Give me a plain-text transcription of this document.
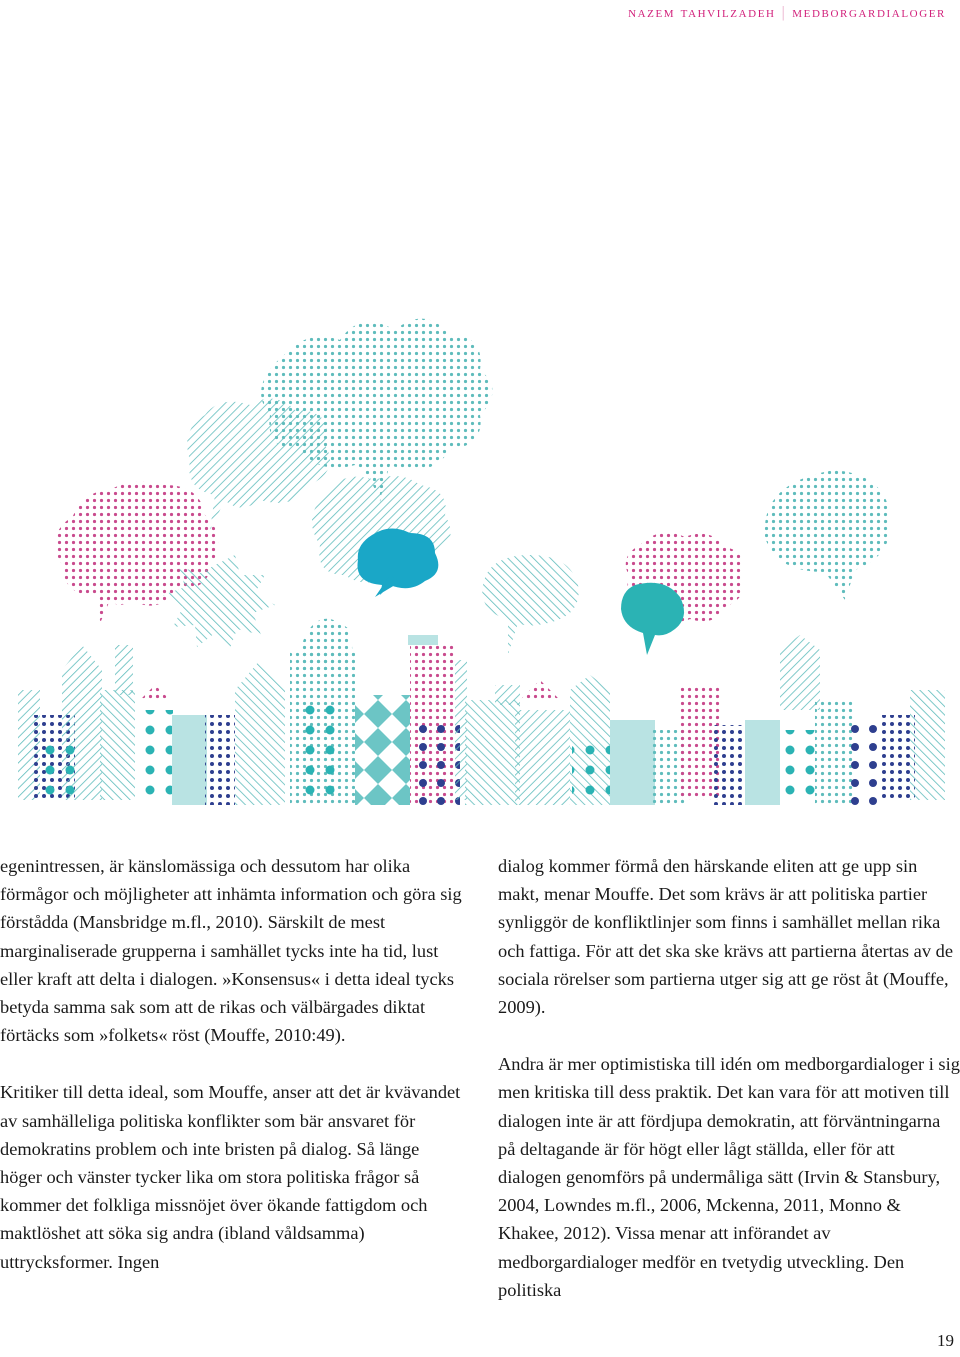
nazem tahvilzadeh | medborgardialoger

egenintressen, är känslomässiga och dessutom har olika förmågor och möjligheter att inhämta information och göra sig förstådda (Mansbridge m.fl., 2010). Särskilt de mest marginaliserade grupperna i samhället tycks inte ha tid, lust eller kraft att delta i dialogen. »Konsensus« i detta ideal tycks betyda samma sak som att de rikas och välbärgades diktat förtäcks som »folkets« röst (Mouffe, 2010:49).

Kritiker till detta ideal, som Mouffe, anser att det är kvävandet av samhälleliga politiska konflikter som bär ansvaret för demokratins problem och inte bristen på dialog. Så länge höger och vänster tycker lika om stora politiska frågor så kommer det folkliga missnöjet över ökande fattigdom och maktlöshet att söka sig andra (ibland våldsamma) uttrycksformer. Ingen

dialog kommer förmå den härskande eliten att ge upp sin makt, menar Mouffe. Det som krävs är att politiska partier synliggör de konfliktlinjer som finns i samhället mellan rika och fattiga. För att det ska ske krävs att partierna återtas av de sociala rörelser som partierna utger sig att ge röst åt (Mouffe, 2009).

Andra är mer optimistiska till idén om medborgardialoger i sig men kritiska till dess praktik. Det kan vara för att motiven till dialogen inte är att fördjupa demokratin, att förväntningarna på deltagande är för högt eller lågt ställda, eller för att dialogen genomförs på undermåliga sätt (Irvin & Stansbury, 2004, Lowndes m.fl., 2006, Mckenna, 2011, Monno & Khakee, 2012). Vissa menar att införandet av medborgardialoger medför en tvetydig utveckling. Den politiska

19
